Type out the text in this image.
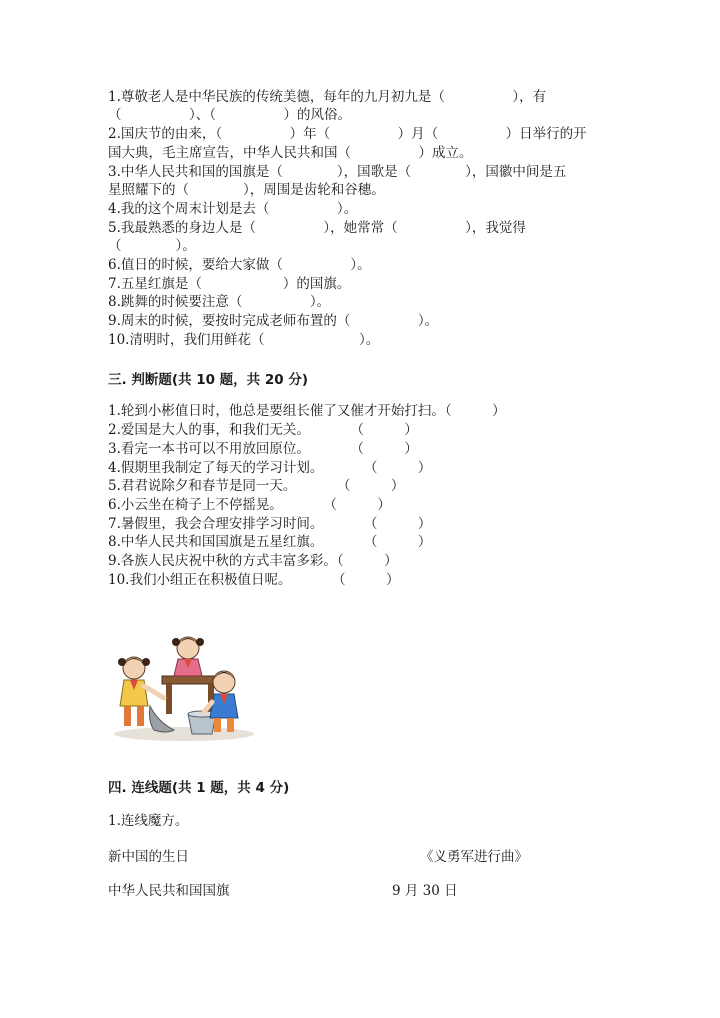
1.尊敬老人是中华民族的传统美德，每年的九月初九是（　　　　　），有
（　　　　　）、（　　　　　）的风俗。
2.国庆节的由来，（　　　　　）年（　　　　　）月（　　　　　）日举行的开
国大典，毛主席宣告，中华人民共和国（　　　　　）成立。
3.中华人民共和国的国旗是（　　　　），国歌是（　　　　），国徽中间是五
星照耀下的（　　　　），周围是齿轮和谷穗。
4.我的这个周末计划是去（　　　　　）。
5.我最熟悉的身边人是（　　　　　），她常常（　　　　　），我觉得
（　　　　）。
6.值日的时候，要给大家做（　　　　　）。
7.五星红旗是（　　　　　　）的国旗。
8.跳舞的时候要注意（　　　　　）。
9.周末的时候，要按时完成老师布置的（　　　　　）。
10.清明时，我们用鲜花（　　　　　　　）。
三. 判断题(共 10 题，共 20 分)
1.轮到小彬值日时，他总是要组长催了又催才开始打扫。（　　　）
2.爱国是大人的事，和我们无关。　　　　（　　　）
3.看完一本书可以不用放回原位。　　　　（　　　）
4.假期里我制定了每天的学习计划。　　　　（　　　）
5.君君说除夕和春节是同一天。　　　　（　　　）
6.小云坐在椅子上不停摇晃。　　　　（　　　）
7.暑假里，我会合理安排学习时间。　　　　（　　　）
8.中华人民共和国国旗是五星红旗。　　　　（　　　）
9.各族人民庆祝中秋的方式丰富多彩。（　　　）
10.我们小组正在积极值日呢。　　　　（　　　）
四. 连线题(共 1 题，共 4 分)
1.连线魔方。
新中国的生日	《义勇军进行曲》
中华人民共和国国旗	9 月 30 日
